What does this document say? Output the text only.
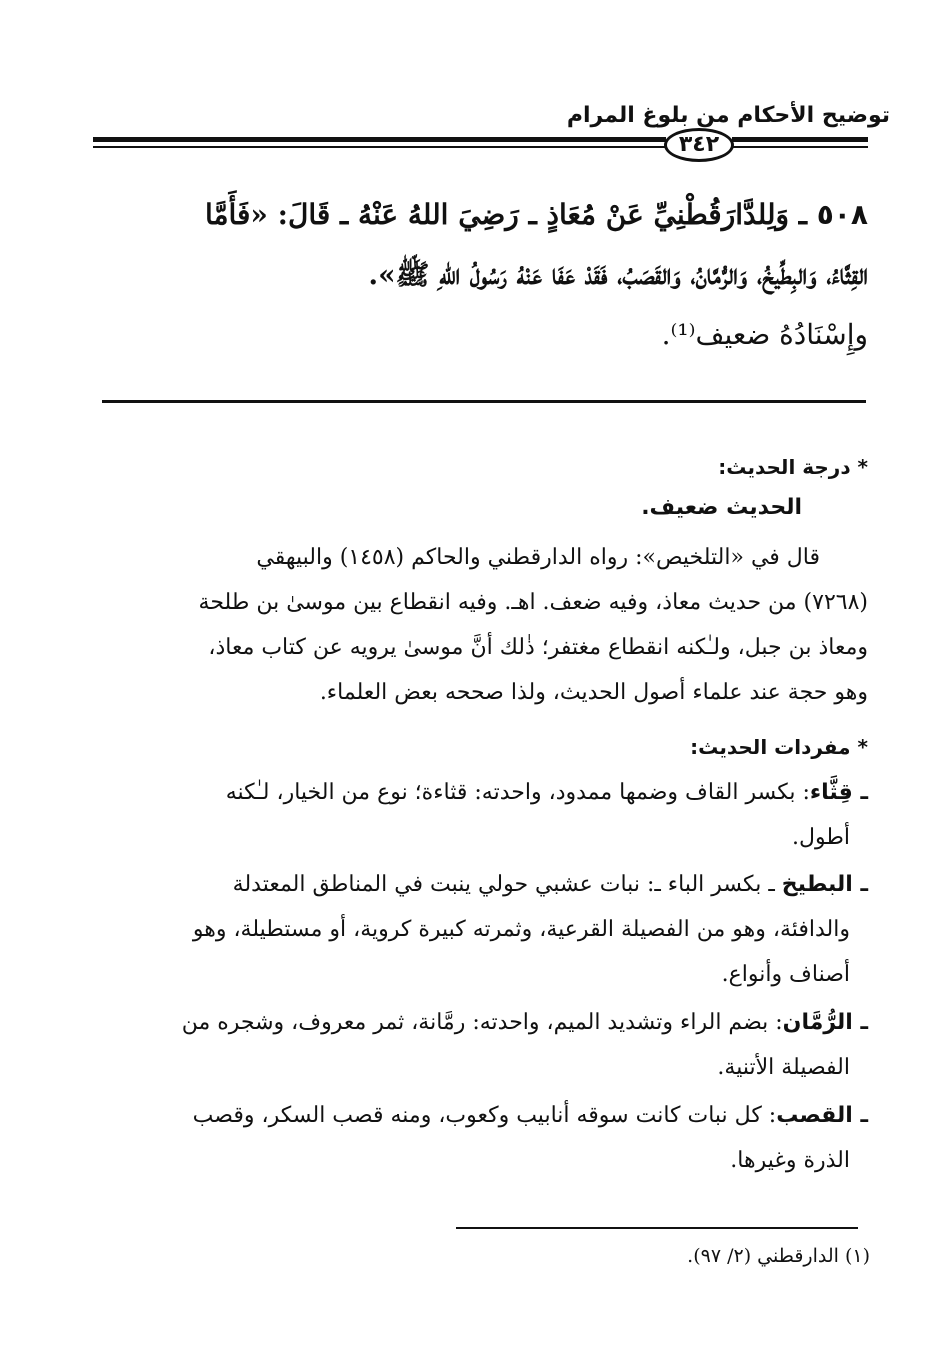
توضيح الأحكام من بلوغ المرام
٣٤٢
٥٠٨ ـ وَلِلدَّارَقُطْنِيِّ عَنْ مُعَاذٍ ـ رَضِيَ اللهُ عَنْهُ ـ قَالَ: «فَأَمَّا
القِثَّاءُ، وَالبِطِّيخُ، وَالرُّمَّانُ، وَالقَصَبُ، فَقَدْ عَفَا عَنْهُ رَسُولُ اللهِ ﷺ».
وإِسْنَادُهُ ضعيف⁽¹⁾.
* درجة الحديث:
الحديث ضعيف.
قال في «التلخيص»: رواه الدارقطني والحاكم (١٤٥٨) والبيهقي
(٧٢٦٨) من حديث معاذ، وفيه ضعف. اهـ. وفيه انقطاع بين موسىٰ بن طلحة
ومعاذ بن جبل، ولـٰكنه انقطاع مغتفر؛ ذٰلك أنَّ موسىٰ يرويه عن كتاب معاذ،
وهو حجة عند علماء أصول الحديث، ولذا صححه بعض العلماء.
* مفردات الحديث:
ـ قِثَّاء: بكسر القاف وضمها ممدود، واحدته: قثاءة؛ نوع من الخيار، لـٰكنه
أطول.
ـ البطيخ ـ بكسر الباء ـ: نبات عشبي حولي ينبت في المناطق المعتدلة
والدافئة، وهو من الفصيلة القرعية، وثمرته كبيرة كروية، أو مستطيلة، وهو
أصناف وأنواع.
ـ الرُّمَّان: بضم الراء وتشديد الميم، واحدته: رمَّانة، ثمر معروف، وشجره من
الفصيلة الأتنية.
ـ القصب: كل نبات كانت سوقه أنابيب وكعوب، ومنه قصب السكر، وقصب
الذرة وغيرها.
(١) الدارقطني (٢/ ٩٧).
